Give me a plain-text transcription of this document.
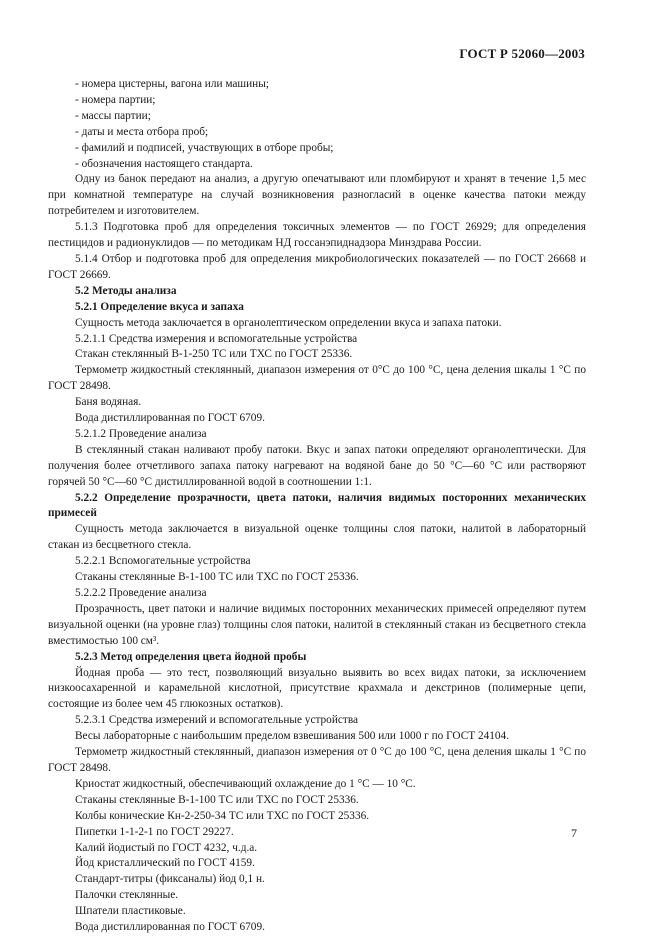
ГОСТ Р 52060—2003

- номера цистерны, вагона или машины;

- номера партии;

- массы партии;

- даты и места отбора проб;

- фамилий и подписей, участвующих в отборе пробы;

- обозначения настоящего стандарта.

Одну из банок передают на анализ, а другую опечатывают или пломбируют и хранят в течение 1,5 мес при комнатной температуре на случай возникновения разногласий в оценке качества патоки между потребителем и изготовителем.

5.1.3 Подготовка проб для определения токсичных элементов — по ГОСТ 26929; для определения пестицидов и радионуклидов — по методикам НД госсанэпиднадзора Минздрава России.

5.1.4 Отбор и подготовка проб для определения микробиологических показателей — по ГОСТ 26668 и ГОСТ 26669.

5.2 Методы анализа

5.2.1 Определение вкуса и запаха

Сущность метода заключается в органолептическом определении вкуса и запаха патоки.

5.2.1.1 Средства измерения и вспомогательные устройства

Стакан стеклянный В-1-250 ТС или ТХС по ГОСТ 25336.

Термометр жидкостный стеклянный, диапазон измерения от 0°С до 100 °С, цена деления шкалы 1 °С по ГОСТ 28498.

Баня водяная.

Вода дистиллированная по ГОСТ 6709.

5.2.1.2 Проведение анализа

В стеклянный стакан наливают пробу патоки. Вкус и запах патоки определяют органолептически. Для получения более отчетливого запаха патоку нагревают на водяной бане до 50 °С—60 °С или растворяют горячей 50 °С—60 °С дистиллированной водой в соотношении 1:1.

5.2.2 Определение прозрачности, цвета патоки, наличия видимых посторонних механических примесей

Сущность метода заключается в визуальной оценке толщины слоя патоки, налитой в лабораторный стакан из бесцветного стекла.

5.2.2.1 Вспомогательные устройства

Стаканы стеклянные В-1-100 ТС или ТХС по ГОСТ 25336.

5.2.2.2 Проведение анализа

Прозрачность, цвет патоки и наличие видимых посторонних механических примесей определяют путем визуальной оценки (на уровне глаз) толщины слоя патоки, налитой в стеклянный стакан из бесцветного стекла вместимостью 100 см³.

5.2.3 Метод определения цвета йодной пробы

Йодная проба — это тест, позволяющий визуально выявить во всех видах патоки, за исключением низкоосахаренной и карамельной кислотной, присутствие крахмала и декстринов (полимерные цепи, состоящие из более чем 45 глюкозных остатков).

5.2.3.1 Средства измерений и вспомогательные устройства

Весы лабораторные с наибольшим пределом взвешивания 500 или 1000 г по ГОСТ 24104.

Термометр жидкостный стеклянный, диапазон измерения от 0 °С до 100 °С, цена деления шкалы 1 °С по ГОСТ 28498.

Криостат жидкостный, обеспечивающий охлаждение до 1 °С — 10 °С.

Стаканы стеклянные В-1-100 ТС или ТХС по ГОСТ 25336.

Колбы конические Кн-2-250-34 ТС или ТХС по ГОСТ 25336.

Пипетки 1-1-2-1 по ГОСТ 29227.

Калий йодистый по ГОСТ 4232, ч.д.а.

Йод кристаллический по ГОСТ 4159.

Стандарт-титры (фиксаналы) йод 0,1 н.

Палочки стеклянные.

Шпатели пластиковые.

Вода дистиллированная по ГОСТ 6709.

7
